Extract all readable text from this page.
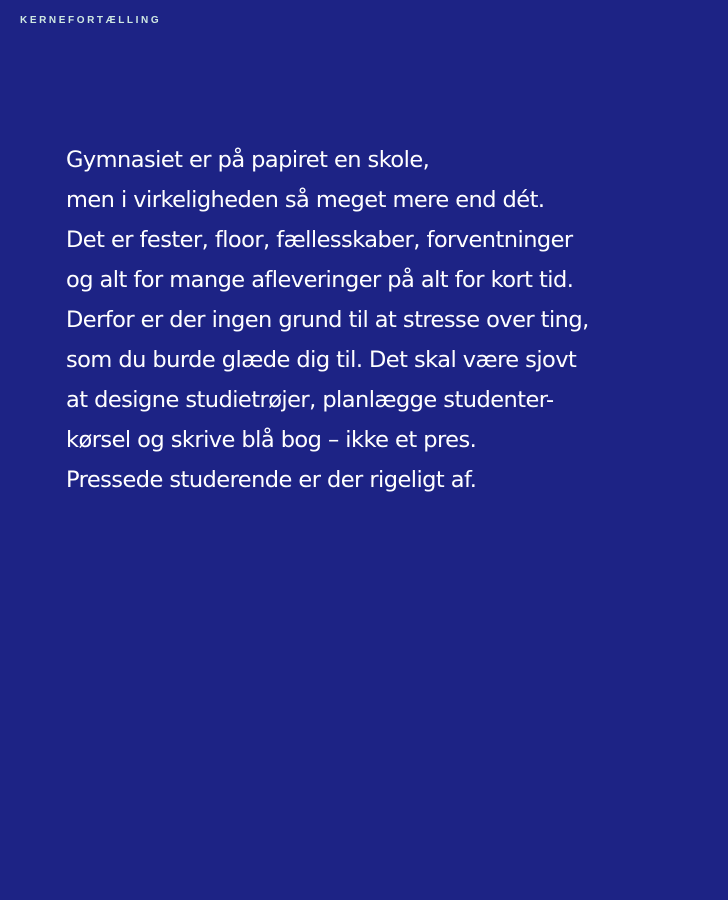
KERNEFORTÆLLING
Gymnasiet er på papiret en skole,
men i virkeligheden så meget mere end dét.
Det er fester, floor, fællesskaber, forventninger
og alt for mange afleveringer på alt for kort tid.
Derfor er der ingen grund til at stresse over ting,
som du burde glæde dig til. Det skal være sjovt
at designe studietrøjer, planlægge studenter-
kørsel og skrive blå bog – ikke et pres.
Pressede studerende er der rigeligt af.
